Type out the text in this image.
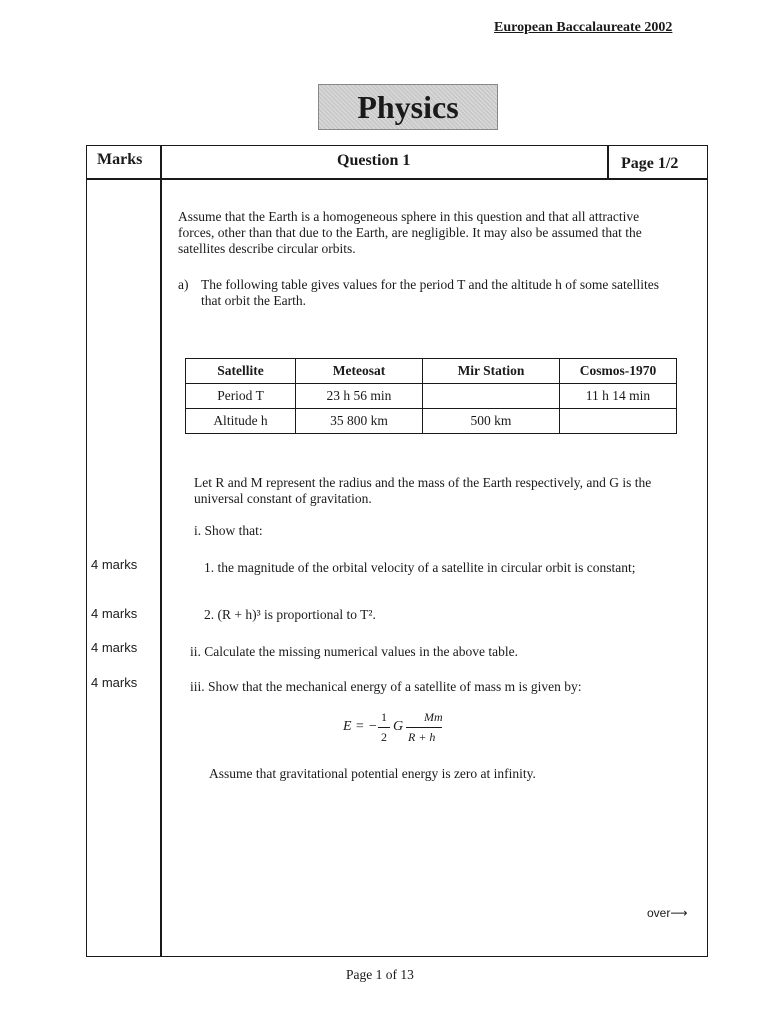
European Baccalaureate 2002
Physics
Marks	Question 1	Page 1/2
Assume that the Earth is a homogeneous sphere in this question and that all attractive forces, other than that due to the Earth, are negligible. It may also be assumed that the satellites describe circular orbits.
a) The following table gives values for the period T and the altitude h of some satellites that orbit the Earth.
Satellite	Meteosat	Mir Station	Cosmos-1970
Period T	23 h 56 min		11 h 14 min
Altitude h	35 800 km	500 km	
Let R and M represent the radius and the mass of the Earth respectively, and G is the universal constant of gravitation.
i. Show that:
1. the magnitude of the orbital velocity of a satellite in circular orbit is constant;
2. (R + h)³ is proportional to T².
ii. Calculate the missing numerical values in the above table.
iii. Show that the mechanical energy of a satellite of mass m is given by:
E = −
1
2
G
Mm
R + h
Assume that gravitational potential energy is zero at infinity.
4 marks
4 marks
4 marks
4 marks
over⟶
Page 1 of 13
